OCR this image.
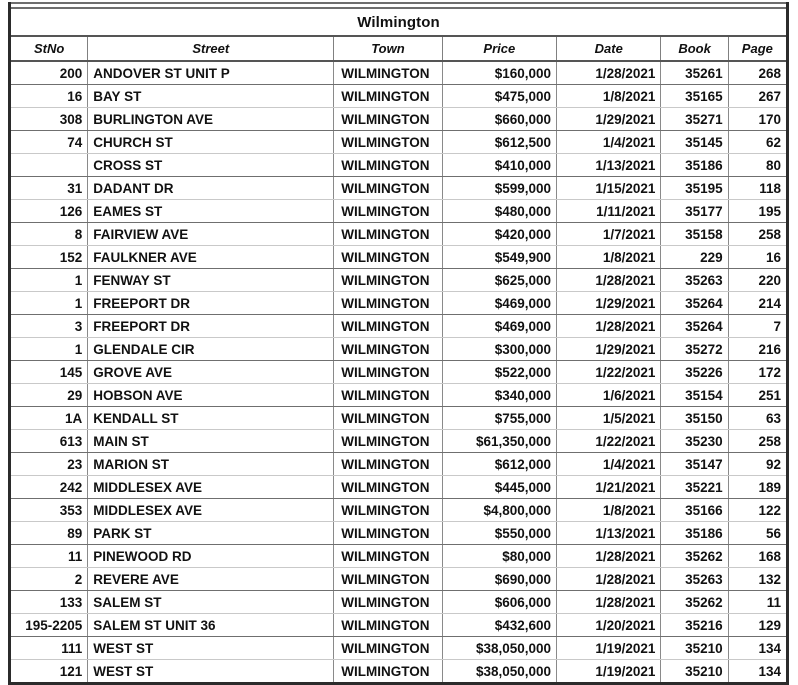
Wilmington						
StNo	Street	Town	Price	Date	Book	Page
200	ANDOVER ST UNIT P	WILMINGTON	$160,000	1/28/2021	35261	268
16	BAY ST	WILMINGTON	$475,000	1/8/2021	35165	267
308	BURLINGTON AVE	WILMINGTON	$660,000	1/29/2021	35271	170
74	CHURCH ST	WILMINGTON	$612,500	1/4/2021	35145	62
	CROSS ST	WILMINGTON	$410,000	1/13/2021	35186	80
31	DADANT DR	WILMINGTON	$599,000	1/15/2021	35195	118
126	EAMES ST	WILMINGTON	$480,000	1/11/2021	35177	195
8	FAIRVIEW AVE	WILMINGTON	$420,000	1/7/2021	35158	258
152	FAULKNER AVE	WILMINGTON	$549,900	1/8/2021	229	16
1	FENWAY ST	WILMINGTON	$625,000	1/28/2021	35263	220
1	FREEPORT DR	WILMINGTON	$469,000	1/29/2021	35264	214
3	FREEPORT DR	WILMINGTON	$469,000	1/28/2021	35264	7
1	GLENDALE CIR	WILMINGTON	$300,000	1/29/2021	35272	216
145	GROVE AVE	WILMINGTON	$522,000	1/22/2021	35226	172
29	HOBSON AVE	WILMINGTON	$340,000	1/6/2021	35154	251
1A	KENDALL ST	WILMINGTON	$755,000	1/5/2021	35150	63
613	MAIN ST	WILMINGTON	$61,350,000	1/22/2021	35230	258
23	MARION ST	WILMINGTON	$612,000	1/4/2021	35147	92
242	MIDDLESEX AVE	WILMINGTON	$445,000	1/21/2021	35221	189
353	MIDDLESEX AVE	WILMINGTON	$4,800,000	1/8/2021	35166	122
89	PARK ST	WILMINGTON	$550,000	1/13/2021	35186	56
11	PINEWOOD RD	WILMINGTON	$80,000	1/28/2021	35262	168
2	REVERE AVE	WILMINGTON	$690,000	1/28/2021	35263	132
133	SALEM ST	WILMINGTON	$606,000	1/28/2021	35262	11
195-2205	SALEM ST UNIT 36	WILMINGTON	$432,600	1/20/2021	35216	129
111	WEST ST	WILMINGTON	$38,050,000	1/19/2021	35210	134
121	WEST ST	WILMINGTON	$38,050,000	1/19/2021	35210	134
